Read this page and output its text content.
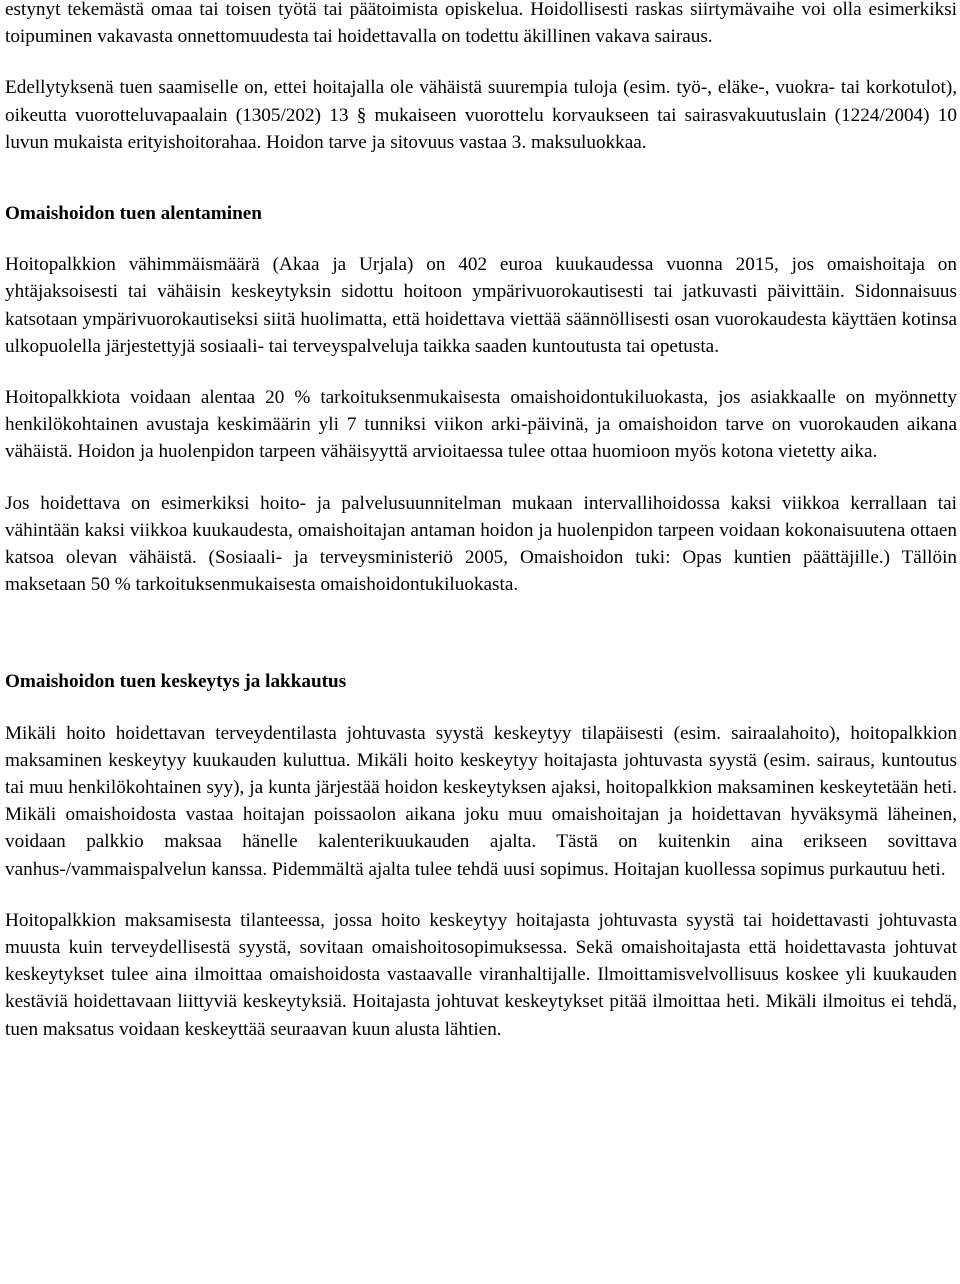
estynyt tekemästä omaa tai toisen työtä tai päätoimista opiskelua. Hoidollisesti raskas siirtymävaihe voi olla esimerkiksi toipuminen vakavasta onnettomuudesta tai hoidettavalla on todettu äkillinen vakava sairaus.

Edellytyksenä tuen saamiselle on, ettei hoitajalla ole vähäistä suurempia tuloja (esim. työ-, eläke-, vuokra- tai korkotulot), oikeutta vuorotteluvapaalain (1305/202) 13 § mukaiseen vuorottelu korvaukseen tai sairasvakuutuslain (1224/2004) 10 luvun mukaista erityishoitorahaa. Hoidon tarve ja sitovuus vastaa 3. maksuluokkaa.

Omaishoidon tuen alentaminen

Hoitopalkkion vähimmäismäärä (Akaa ja Urjala) on 402 euroa kuukaudessa vuonna 2015, jos omaishoitaja on yhtäjaksoisesti tai vähäisin keskeytyksin sidottu hoitoon ympärivuorokautisesti tai jatkuvasti päivittäin. Sidonnaisuus katsotaan ympärivuorokautiseksi siitä huolimatta, että hoidettava viettää säännöllisesti osan vuorokaudesta käyttäen kotinsa ulkopuolella järjestettyjä sosiaali- tai terveyspalveluja taikka saaden kuntoutusta tai opetusta.

Hoitopalkkiota voidaan alentaa 20 % tarkoituksenmukaisesta omaishoidontukiluokasta, jos asiakkaalle on myönnetty henkilökohtainen avustaja keskimäärin yli 7 tunniksi viikon arki-päivinä, ja omaishoidon tarve on vuorokauden aikana vähäistä. Hoidon ja huolenpidon tarpeen vähäisyyttä arvioitaessa tulee ottaa huomioon myös kotona vietetty aika.

Jos hoidettava on esimerkiksi hoito- ja palvelusuunnitelman mukaan intervallihoidossa kaksi viikkoa kerrallaan tai vähintään kaksi viikkoa kuukaudesta, omaishoitajan antaman hoidon ja huolenpidon tarpeen voidaan kokonaisuutena ottaen katsoa olevan vähäistä. (Sosiaali- ja terveysministeriö 2005, Omaishoidon tuki: Opas kuntien päättäjille.) Tällöin maksetaan 50 % tarkoituksenmukaisesta omaishoidontukiluokasta.

Omaishoidon tuen keskeytys ja lakkautus

Mikäli hoito hoidettavan terveydentilasta johtuvasta syystä keskeytyy tilapäisesti (esim. sairaalahoito), hoitopalkkion maksaminen keskeytyy kuukauden kuluttua. Mikäli hoito keskeytyy hoitajasta johtuvasta syystä (esim. sairaus, kuntoutus tai muu henkilökohtainen syy), ja kunta järjestää hoidon keskeytyksen ajaksi, hoitopalkkion maksaminen keskeytetään heti. Mikäli omaishoidosta vastaa hoitajan poissaolon aikana joku muu omaishoitajan ja hoidettavan hyväksymä läheinen, voidaan palkkio maksaa hänelle kalenterikuukauden ajalta. Tästä on kuitenkin aina erikseen sovittava vanhus-/vammaispalvelun kanssa. Pidemmältä ajalta tulee tehdä uusi sopimus. Hoitajan kuollessa sopimus purkautuu heti.

Hoitopalkkion maksamisesta tilanteessa, jossa hoito keskeytyy hoitajasta johtuvasta syystä tai hoidettavasti johtuvasta muusta kuin terveydellisestä syystä, sovitaan omaishoitosopimuksessa. Sekä omaishoitajasta että hoidettavasta johtuvat keskeytykset tulee aina ilmoittaa omaishoidosta vastaavalle viranhaltijalle. Ilmoittamisvelvollisuus koskee yli kuukauden kestäviä hoidettavaan liittyviä keskeytyksiä. Hoitajasta johtuvat keskeytykset pitää ilmoittaa heti. Mikäli ilmoitus ei tehdä, tuen maksatus voidaan keskeyttää seuraavan kuun alusta lähtien.
